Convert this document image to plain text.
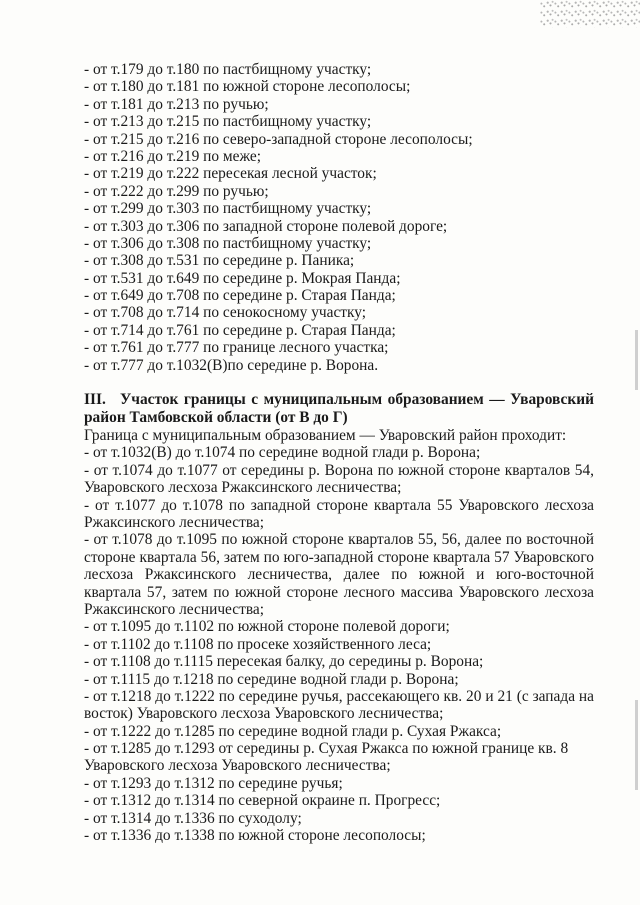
- от т.179 до т.180 по пастбищному участку;
- от т.180 до т.181 по южной стороне лесополосы;
- от т.181 до т.213 по ручью;
- от т.213 до т.215 по пастбищному участку;
- от т.215 до т.216 по северо-западной стороне лесополосы;
- от т.216 до т.219 по меже;
- от т.219 до т.222 пересекая лесной участок;
- от т.222 до т.299 по ручью;
- от т.299 до т.303 по пастбищному участку;
- от т.303 до т.306 по западной стороне полевой дороге;
- от т.306 до т.308 по пастбищному участку;
- от т.308 до т.531 по середине р. Паника;
- от т.531 до т.649 по середине р. Мокрая Панда;
- от т.649 до т.708 по середине р. Старая Панда;
- от т.708 до т.714 по сенокосному участку;
- от т.714 до т.761 по середине р. Старая Панда;
- от т.761 до т.777 по границе лесного участка;
- от т.777 до т.1032(В)по середине р. Ворона.
III. Участок границы с муниципальным образованием — Уваровский
район Тамбовской области (от В до Г)
Граница с муниципальным образованием — Уваровский район проходит:
- от т.1032(В) до т.1074 по середине водной глади р. Ворона;
- от т.1074 до т.1077 от середины р. Ворона по южной стороне кварталов 54,
Уваровского лесхоза Ржаксинского лесничества;
- от т.1077 до т.1078 по западной стороне квартала 55 Уваровского лесхоза
Ржаксинского лесничества;
- от т.1078 до т.1095 по южной стороне кварталов 55, 56, далее по восточной
стороне квартала 56, затем по юго-западной стороне квартала 57 Уваровского
лесхоза Ржаксинского лесничества, далее по южной и юго-восточной
квартала 57, затем по южной стороне лесного массива Уваровского лесхоза
Ржаксинского лесничества;
- от т.1095 до т.1102 по южной стороне полевой дороги;
- от т.1102 до т.1108 по просеке хозяйственного леса;
- от т.1108 до т.1115 пересекая балку, до середины р. Ворона;
- от т.1115 до т.1218 по середине водной глади р. Ворона;
- от т.1218 до т.1222 по середине ручья, рассекающего кв. 20 и 21 (с запада на
восток) Уваровского лесхоза Уваровского лесничества;
- от т.1222 до т.1285 по середине водной глади р. Сухая Ржакса;
- от т.1285 до т.1293 от середины р. Сухая Ржакса по южной границе кв. 8
Уваровского лесхоза Уваровского лесничества;
- от т.1293 до т.1312 по середине ручья;
- от т.1312 до т.1314 по северной окраине п. Прогресс;
- от т.1314 до т.1336 по суходолу;
- от т.1336 до т.1338 по южной стороне лесополосы;
